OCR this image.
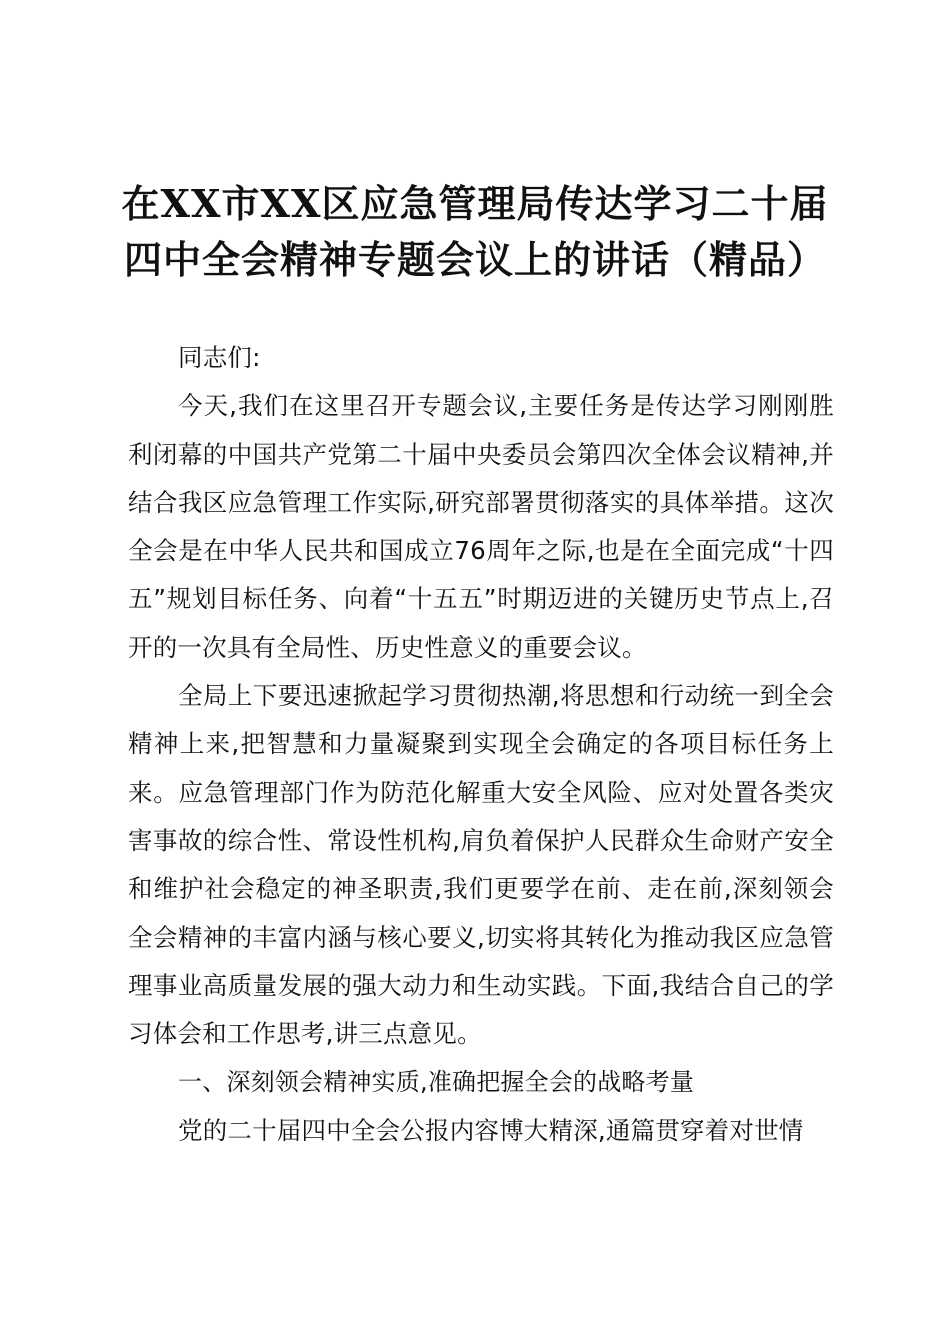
在XX市XX区应急管理局传达学习二十届四中全会精神专题会议上的讲话（精品）

同志们:

今天,我们在这里召开专题会议,主要任务是传达学习刚刚胜利闭幕的中国共产党第二十届中央委员会第四次全体会议精神,并结合我区应急管理工作实际,研究部署贯彻落实的具体举措。这次全会是在中华人民共和国成立76周年之际,也是在全面完成“十四五”规划目标任务、向着“十五五”时期迈进的关键历史节点上,召开的一次具有全局性、历史性意义的重要会议。

全局上下要迅速掀起学习贯彻热潮,将思想和行动统一到全会精神上来,把智慧和力量凝聚到实现全会确定的各项目标任务上来。应急管理部门作为防范化解重大安全风险、应对处置各类灾害事故的综合性、常设性机构,肩负着保护人民群众生命财产安全和维护社会稳定的神圣职责,我们更要学在前、走在前,深刻领会全会精神的丰富内涵与核心要义,切实将其转化为推动我区应急管理事业高质量发展的强大动力和生动实践。下面,我结合自己的学习体会和工作思考,讲三点意见。

一、深刻领会精神实质,准确把握全会的战略考量

党的二十届四中全会公报内容博大精深,通篇贯穿着对世情
